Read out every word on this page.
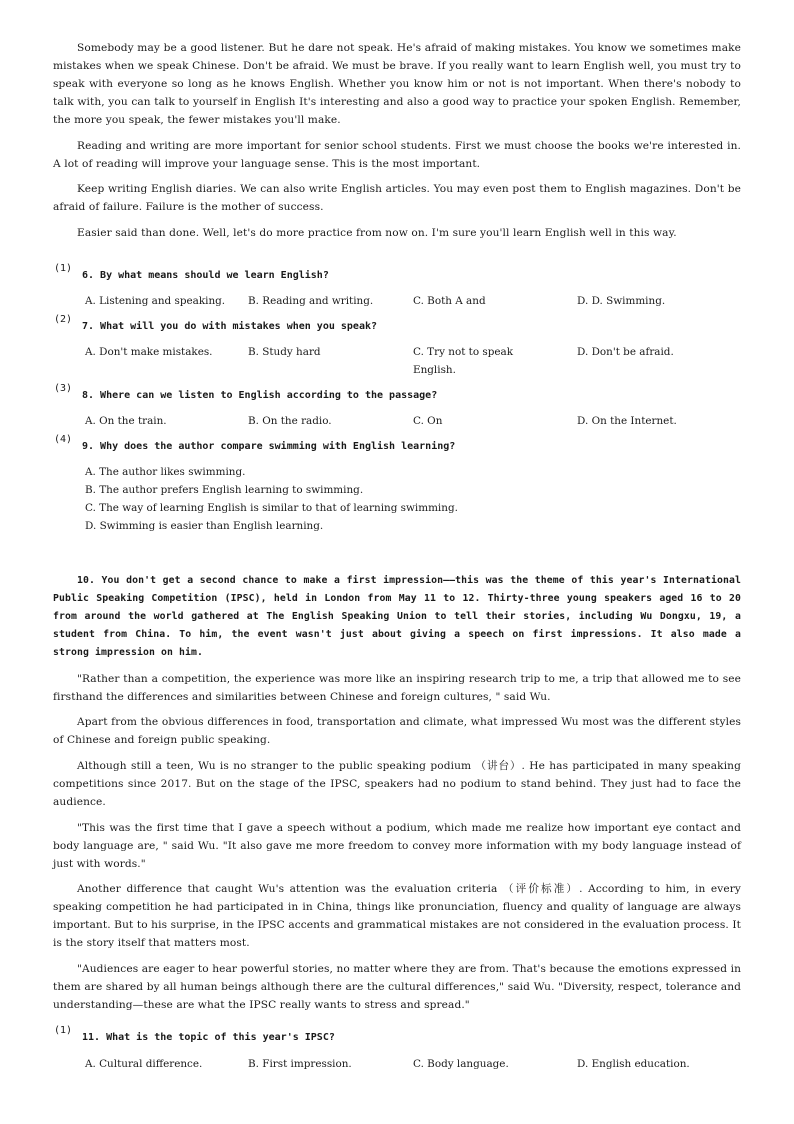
Somebody may be a good listener. But he dare not speak. He's afraid of making mistakes. You know we sometimes make mistakes when we speak Chinese. Don't be afraid. We must be brave. If you really want to learn English well, you must try to speak with everyone so long as he knows English. Whether you know him or not is not important. When there's nobody to talk with, you can talk to yourself in English It's interesting and also a good way to practice your spoken English. Remember, the more you speak, the fewer mistakes you'll make.

Reading and writing are more important for senior school students. First we must choose the books we're interested in. A lot of reading will improve your language sense. This is the most important.

Keep writing English diaries. We can also write English articles. You may even post them to English magazines. Don't be afraid of failure. Failure is the mother of success.

Easier said than done. Well, let's do more practice from now on. I'm sure you'll learn English well in this way.

(1)
6. By what means should we learn English?
A. Listening and speaking.	B. Reading and writing.	C. Both A and	D. D. Swimming.
(2)
7. What will you do with mistakes when you speak?
A. Don't make mistakes.	B. Study hard	C. Try not to speak English.
D. Don't be afraid.
(3)
8. Where can we listen to English according to the passage?
A. On the train.	B. On the radio.	C. On	D. On the Internet.
(4)
9. Why does the author compare swimming with English learning?
A. The author likes swimming.
B. The author prefers English learning to swimming.
C. The way of learning English is similar to that of learning swimming.
D. Swimming is easier than English learning.

10. You don't get a second chance to make a first impression——this was the theme of this year's International Public Speaking Competition (IPSC), held in London from May 11 to 12. Thirty-three young speakers aged 16 to 20 from around the world gathered at The English Speaking Union to tell their stories, including Wu Dongxu, 19, a student from China. To him, the event wasn't just about giving a speech on first impressions. It also made a strong impression on him.

"Rather than a competition, the experience was more like an inspiring research trip to me, a trip that allowed me to see firsthand the differences and similarities between Chinese and foreign cultures, " said Wu.

Apart from the obvious differences in food, transportation and climate, what impressed Wu most was the different styles of Chinese and foreign public speaking.

Although still a teen, Wu is no stranger to the public speaking podium （讲台）. He has participated in many speaking competitions since 2017. But on the stage of the IPSC, speakers had no podium to stand behind. They just had to face the audience.

"This was the first time that I gave a speech without a podium, which made me realize how important eye contact and body language are, " said Wu. "It also gave me more freedom to convey more information with my body language instead of just with words."

Another difference that caught Wu's attention was the evaluation criteria （评价标准）. According to him, in every speaking competition he had participated in in China, things like pronunciation, fluency and quality of language are always important. But to his surprise, in the IPSC accents and grammatical mistakes are not considered in the evaluation process. It is the story itself that matters most.

"Audiences are eager to hear powerful stories, no matter where they are from. That's because the emotions expressed in them are shared by all human beings although there are the cultural differences," said Wu. "Diversity, respect, tolerance and understanding—these are what the IPSC really wants to stress and spread."

(1)
11. What is the topic of this year's IPSC?
A. Cultural difference.	B. First impression.	C. Body language.	D. English education.
